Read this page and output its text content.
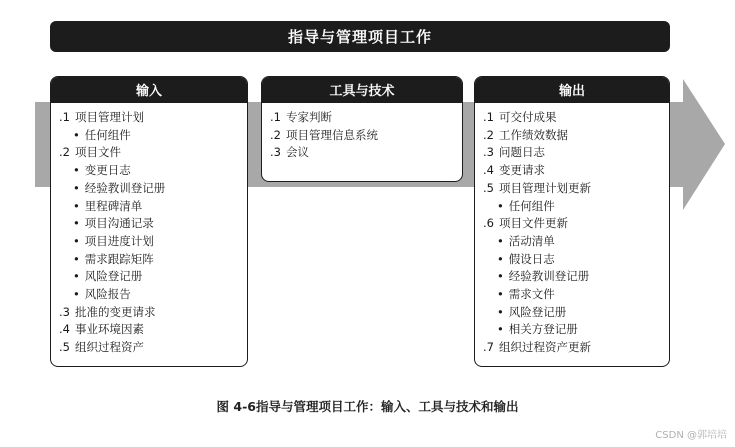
指导与管理项目工作
输入
.1 项目管理计划
• 任何组件
.2 项目文件
• 变更日志
• 经验教训登记册
• 里程碑清单
• 项目沟通记录
• 项目进度计划
• 需求跟踪矩阵
• 风险登记册
• 风险报告
.3 批准的变更请求
.4 事业环境因素
.5 组织过程资产
工具与技术
.1 专家判断
.2 项目管理信息系统
.3 会议
输出
.1 可交付成果
.2 工作绩效数据
.3 问题日志
.4 变更请求
.5 项目管理计划更新
• 任何组件
.6 项目文件更新
• 活动清单
• 假设日志
• 经验教训登记册
• 需求文件
• 风险登记册
• 相关方登记册
.7 组织过程资产更新
图 4-6指导与管理项目工作：输入、工具与技术和输出
CSDN @郭培培
